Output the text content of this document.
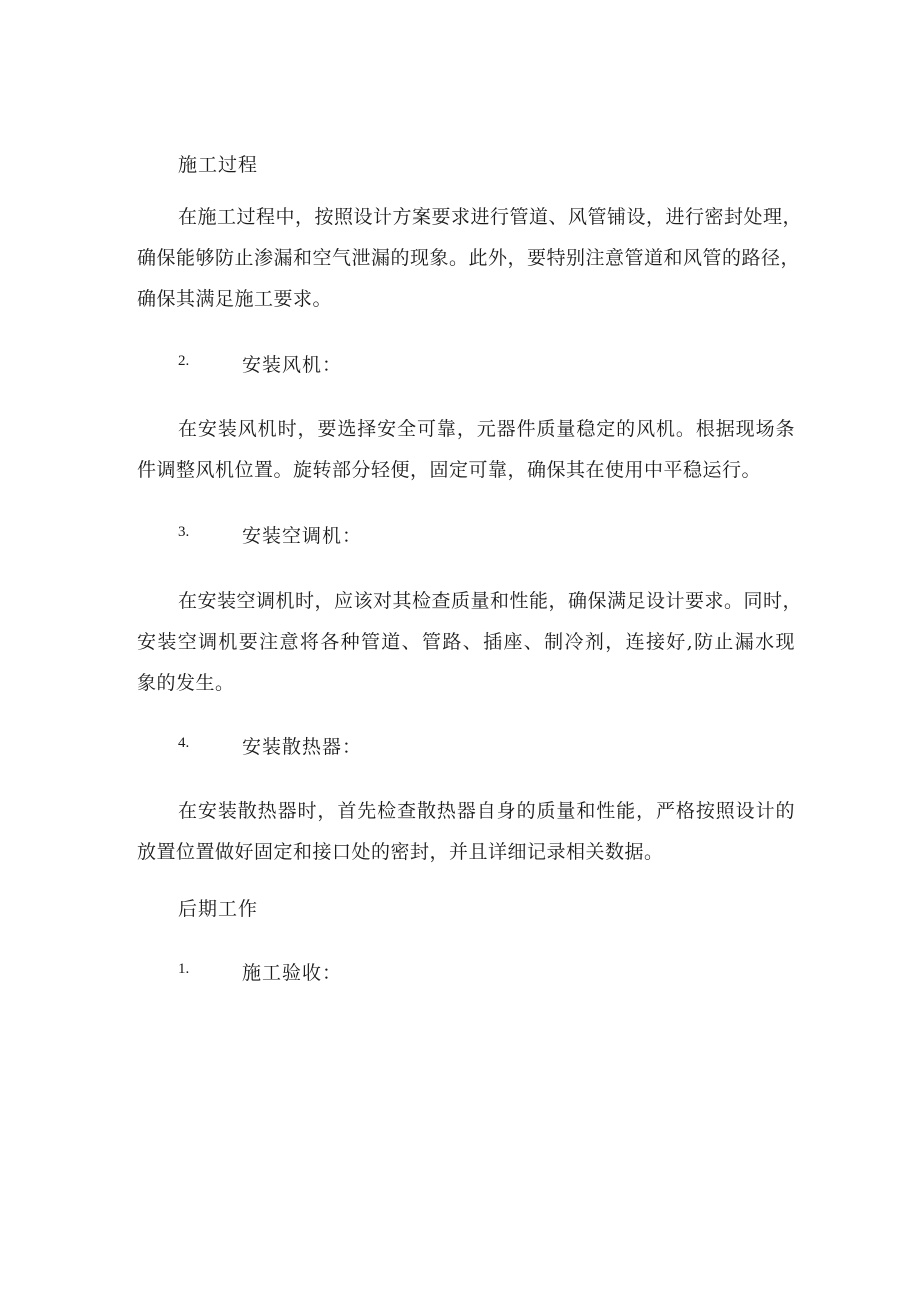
施工过程
在施工过程中，按照设计方案要求进行管道、风管铺设，进行密封处理，
确保能够防止渗漏和空气泄漏的现象。此外，要特别注意管道和风管的路径，
确保其满足施工要求。
2.	安装风机：
在安装风机时，要选择安全可靠，元器件质量稳定的风机。根据现场条
件调整风机位置。旋转部分轻便，固定可靠，确保其在使用中平稳运行。
3.	安装空调机：
在安装空调机时，应该对其检查质量和性能，确保满足设计要求。同时，
安装空调机要注意将各种管道、管路、插座、制冷剂，连接好,防止漏水现
象的发生。
4.	安装散热器：
在安装散热器时，首先检查散热器自身的质量和性能，严格按照设计的
放置位置做好固定和接口处的密封，并且详细记录相关数据。
后期工作
1.	施工验收：
